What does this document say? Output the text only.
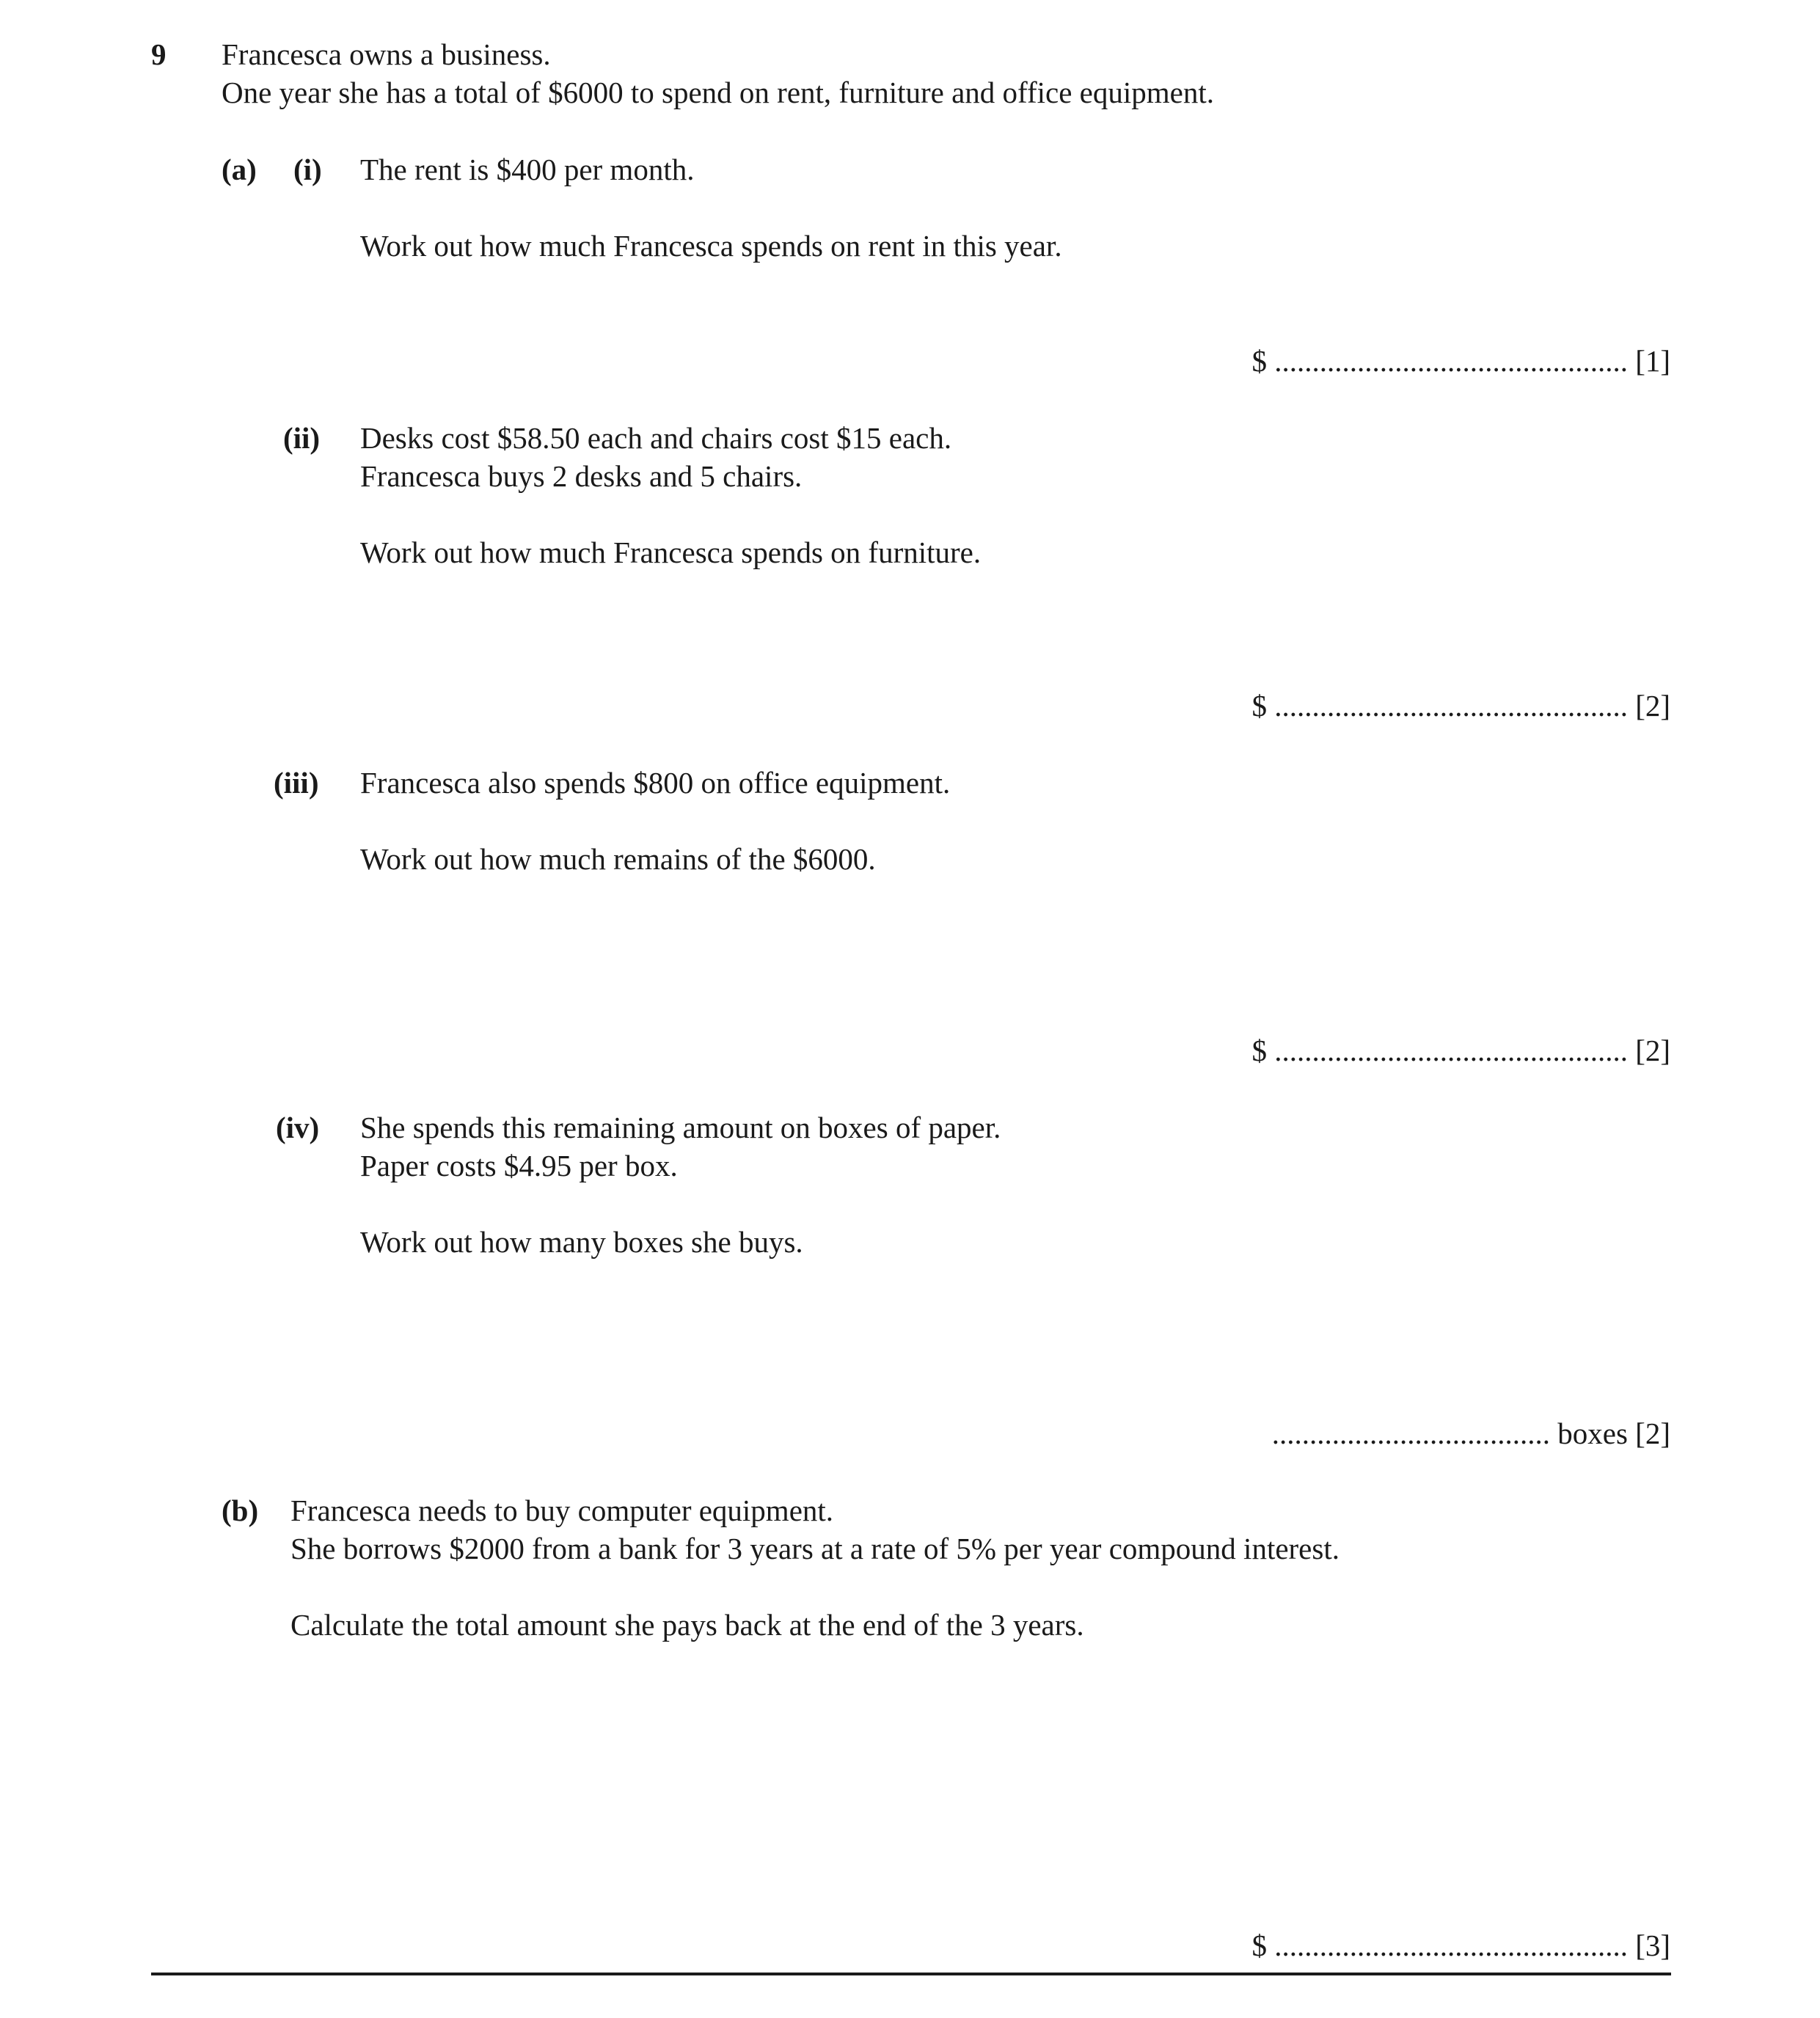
9 Francesca owns a business.
One year she has a total of $6000 to spend on rent, furniture and office equipment.
(a) (i) The rent is $400 per month.
Work out how much Francesca spends on rent in this year.
$ ............................................... [1]
(ii) Desks cost $58.50 each and chairs cost $15 each.
Francesca buys 2 desks and 5 chairs.
Work out how much Francesca spends on furniture.
$ ............................................... [2]
(iii) Francesca also spends $800 on office equipment.
Work out how much remains of the $6000.
$ ............................................... [2]
(iv) She spends this remaining amount on boxes of paper.
Paper costs $4.95 per box.
Work out how many boxes she buys.
..................................... boxes [2]
(b) Francesca needs to buy computer equipment.
She borrows $2000 from a bank for 3 years at a rate of 5% per year compound interest.
Calculate the total amount she pays back at the end of the 3 years.
$ ............................................... [3]
